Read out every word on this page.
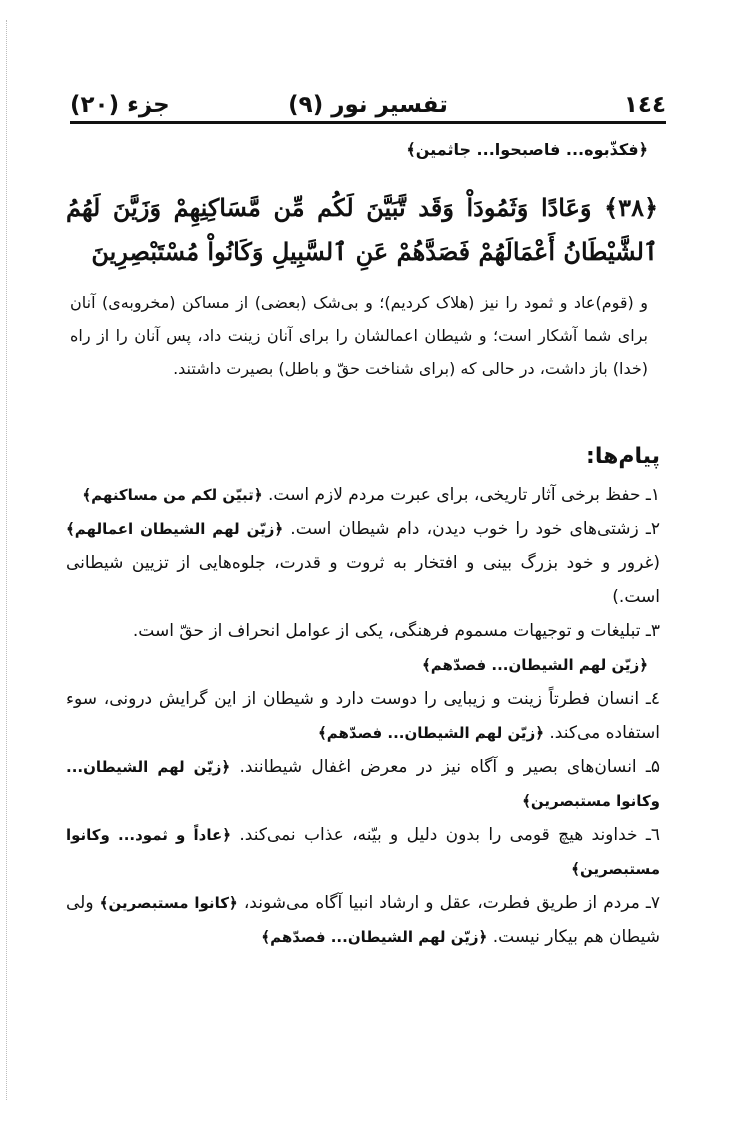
١٤٤
تفسیر نور (۹)
جزء (۲۰)
﴿فکذّبوه... فاصبحوا... جاثمین﴾
﴿٣٨﴾ وَعَادًا وَثَمُودَاْ وَقَد تَّبَيَّنَ لَكُم مِّن مَّسَاكِنِهِمْ وَزَيَّنَ لَهُمُ ٱلشَّيْطَانُ أَعْمَالَهُمْ فَصَدَّهُمْ عَنِ ٱلسَّبِيلِ وَكَانُواْ مُسْتَبْصِرِينَ
و (قوم)عاد و ثمود را نیز (هلاک کردیم)؛ و بی‌شک (بعضی) از مساکن (مخروبه‌ی) آنان برای شما آشکار است؛ و شیطان اعمالشان را برای آنان زینت داد، پس آنان را از راه (خدا) باز داشت، در حالی که (برای شناخت حقّ و باطل) بصیرت داشتند.
پیام‌ها:
۱ـ حفظ برخی آثار تاریخی، برای عبرت مردم لازم است. ﴿تبیّن لکم من مساکنهم﴾
۲ـ زشتی‌های خود را خوب دیدن، دام شیطان است. ﴿زیّن لهم الشیطان اعمالهم﴾ (غرور و خود بزرگ بینی و افتخار به ثروت و قدرت، جلوه‌هایی از تزیین شیطانی است.)
۳ـ تبلیغات و توجیهات مسموم فرهنگی، یکی از عوامل انحراف از حقّ است.
﴿زیّن لهم الشیطان... فصدّهم﴾
٤ـ انسان فطرتاً زینت و زیبایی را دوست دارد و شیطان از این گرایش درونی، سوء استفاده می‌کند. ﴿زیّن لهم الشیطان... فصدّهم﴾
۵ـ انسان‌های بصیر و آگاه نیز در معرض اغفال شیطانند. ﴿زیّن لهم الشیطان... وکانوا مستبصرین﴾
٦ـ خداوند هیچ قومی را بدون دلیل و بیّنه، عذاب نمی‌کند. ﴿عاداً و ثمود... وکانوا مستبصرین﴾
۷ـ مردم از طریق فطرت، عقل و ارشاد انبیا آگاه می‌شوند، ﴿کانوا مستبصرین﴾ ولی شیطان هم بیکار نیست. ﴿زیّن لهم الشیطان... فصدّهم﴾
